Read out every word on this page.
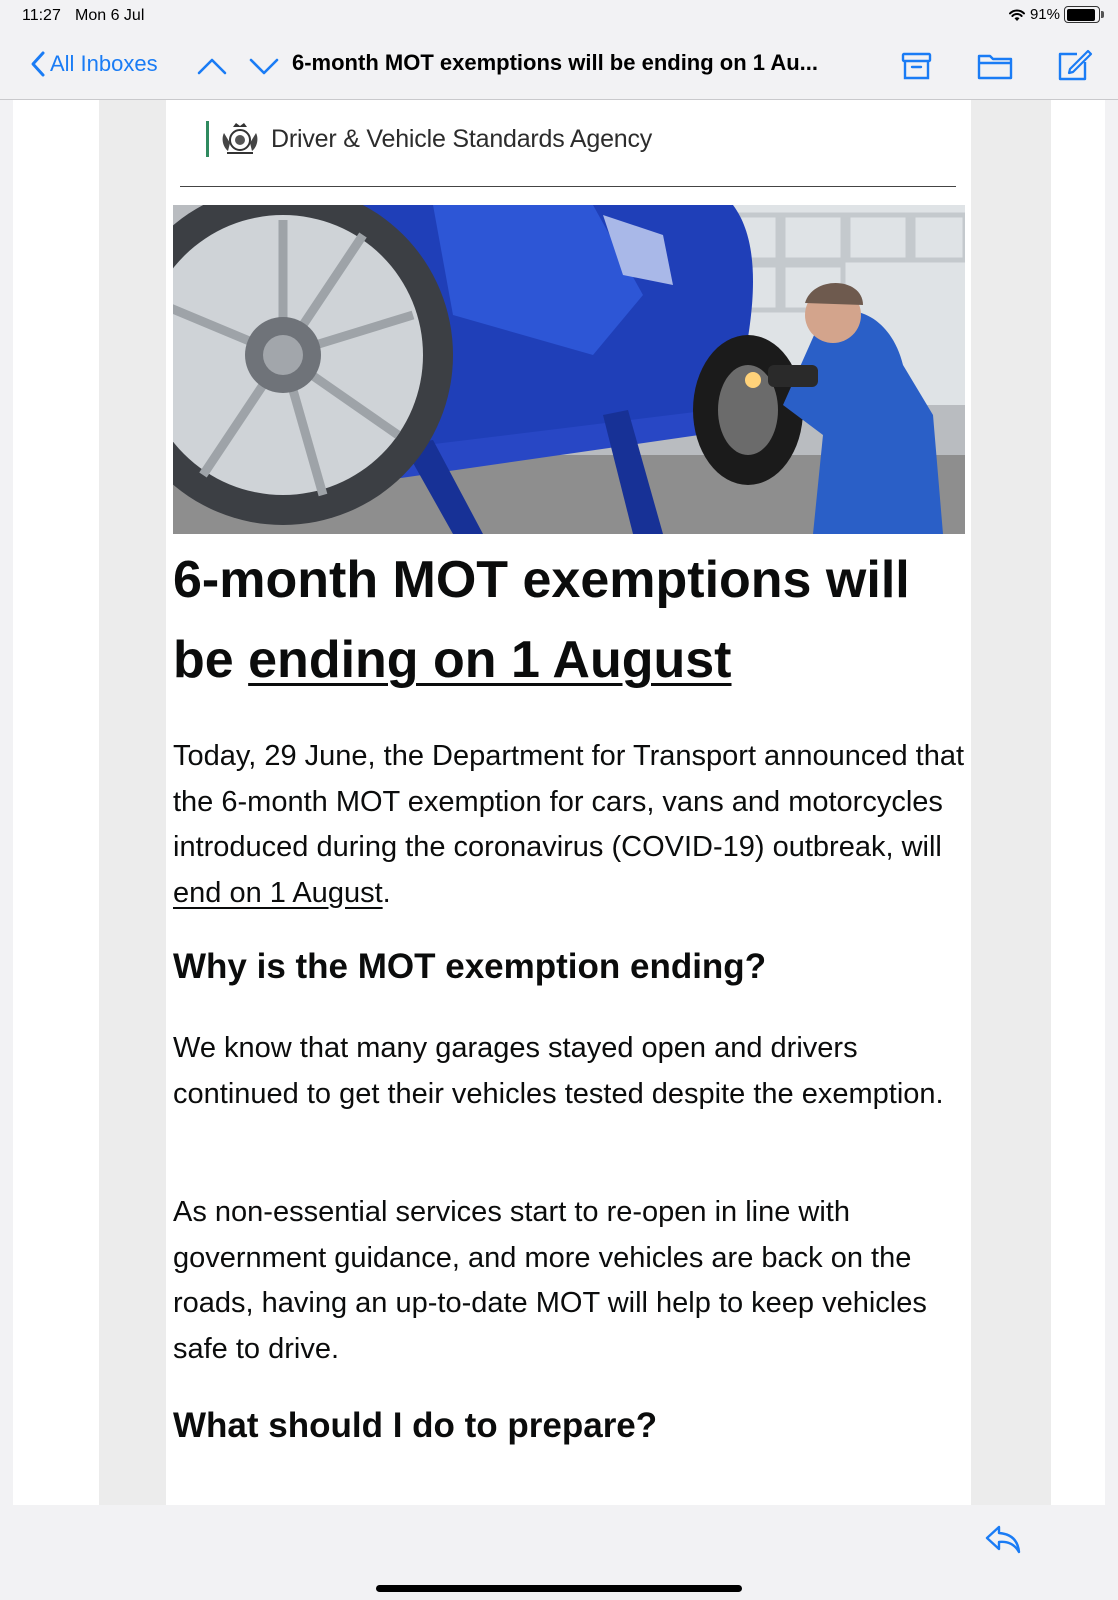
11:27 Mon 6 Jul	91%
All Inboxes	6-month MOT exemptions will be ending on 1 Au...
Driver & Vehicle Standards Agency
6-month MOT exemptions will be ending on 1 August

Today, 29 June, the Department for Transport announced that the 6-month MOT exemption for cars, vans and motorcycles introduced during the coronavirus (COVID-19) outbreak, will end on 1 August.

Why is the MOT exemption ending?

We know that many garages stayed open and drivers continued to get their vehicles tested despite the exemption.

As non-essential services start to re-open in line with government guidance, and more vehicles are back on the roads, having an up-to-date MOT will help to keep vehicles safe to drive.

What should I do to prepare?
